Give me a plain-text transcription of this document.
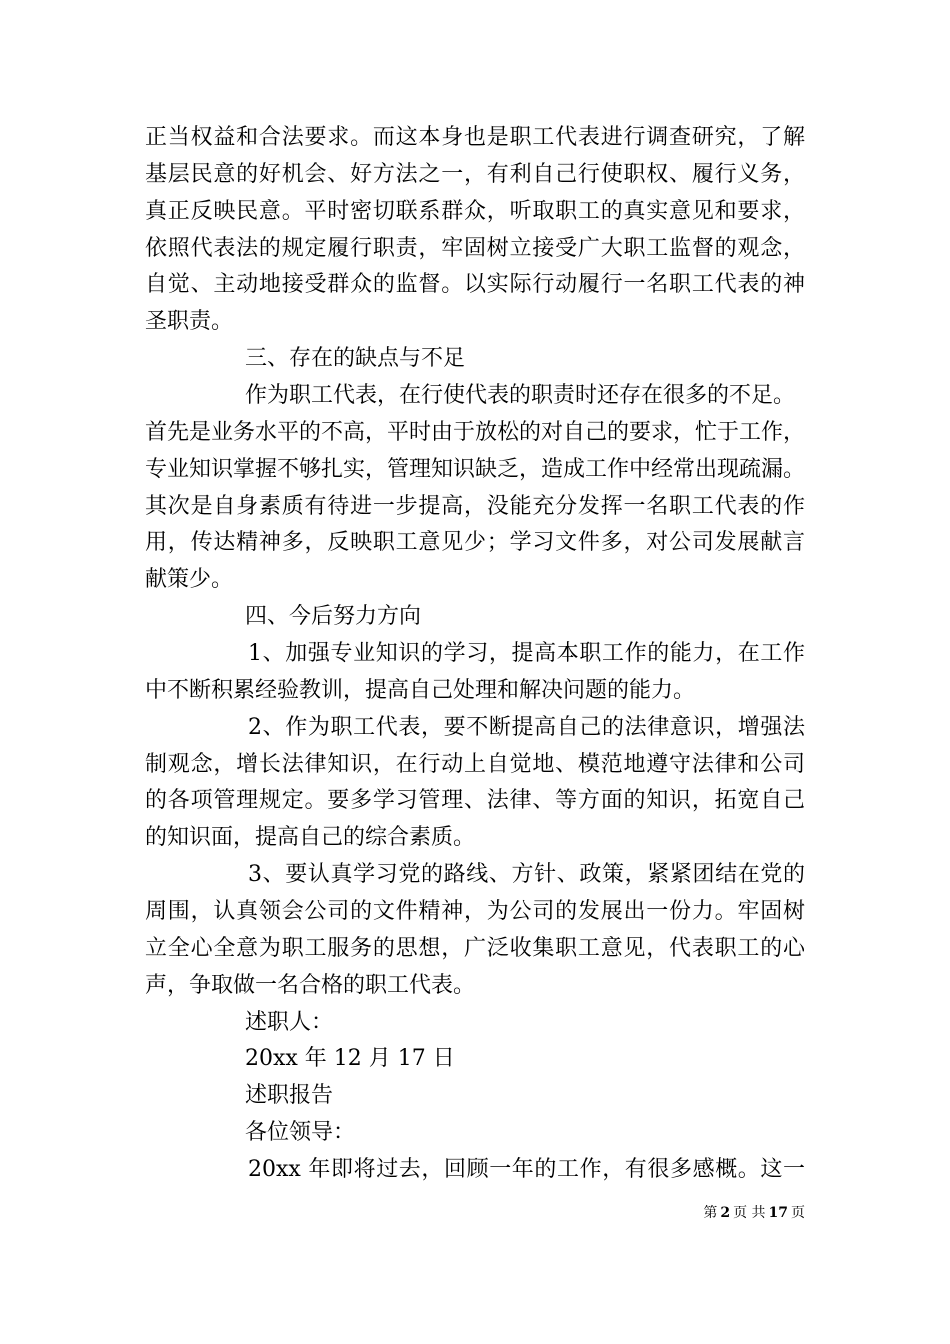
正当权益和合法要求。而这本身也是职工代表进行调查研究，了解
基层民意的好机会、好方法之一，有利自己行使职权、履行义务，
真正反映民意。平时密切联系群众，听取职工的真实意见和要求，
依照代表法的规定履行职责，牢固树立接受广大职工监督的观念，
自觉、主动地接受群众的监督。以实际行动履行一名职工代表的神
圣职责。
三、存在的缺点与不足
作为职工代表，在行使代表的职责时还存在很多的不足。
首先是业务水平的不高，平时由于放松的对自己的要求，忙于工作，
专业知识掌握不够扎实，管理知识缺乏，造成工作中经常出现疏漏。
其次是自身素质有待进一步提高，没能充分发挥一名职工代表的作
用，传达精神多，反映职工意见少；学习文件多，对公司发展献言
献策少。
四、今后努力方向
1、加强专业知识的学习，提高本职工作的能力，在工作
中不断积累经验教训，提高自己处理和解决问题的能力。
2、作为职工代表，要不断提高自己的法律意识，增强法
制观念，增长法律知识，在行动上自觉地、模范地遵守法律和公司
的各项管理规定。要多学习管理、法律、等方面的知识，拓宽自己
的知识面，提高自己的综合素质。
3、要认真学习党的路线、方针、政策，紧紧团结在党的
周围，认真领会公司的文件精神，为公司的发展出一份力。牢固树
立全心全意为职工服务的思想，广泛收集职工意见，代表职工的心
声，争取做一名合格的职工代表。
述职人：
20xx 年 12 月 17 日
述职报告
各位领导：
20xx 年即将过去，回顾一年的工作，有很多感概。这一
第 2 页 共 17 页
